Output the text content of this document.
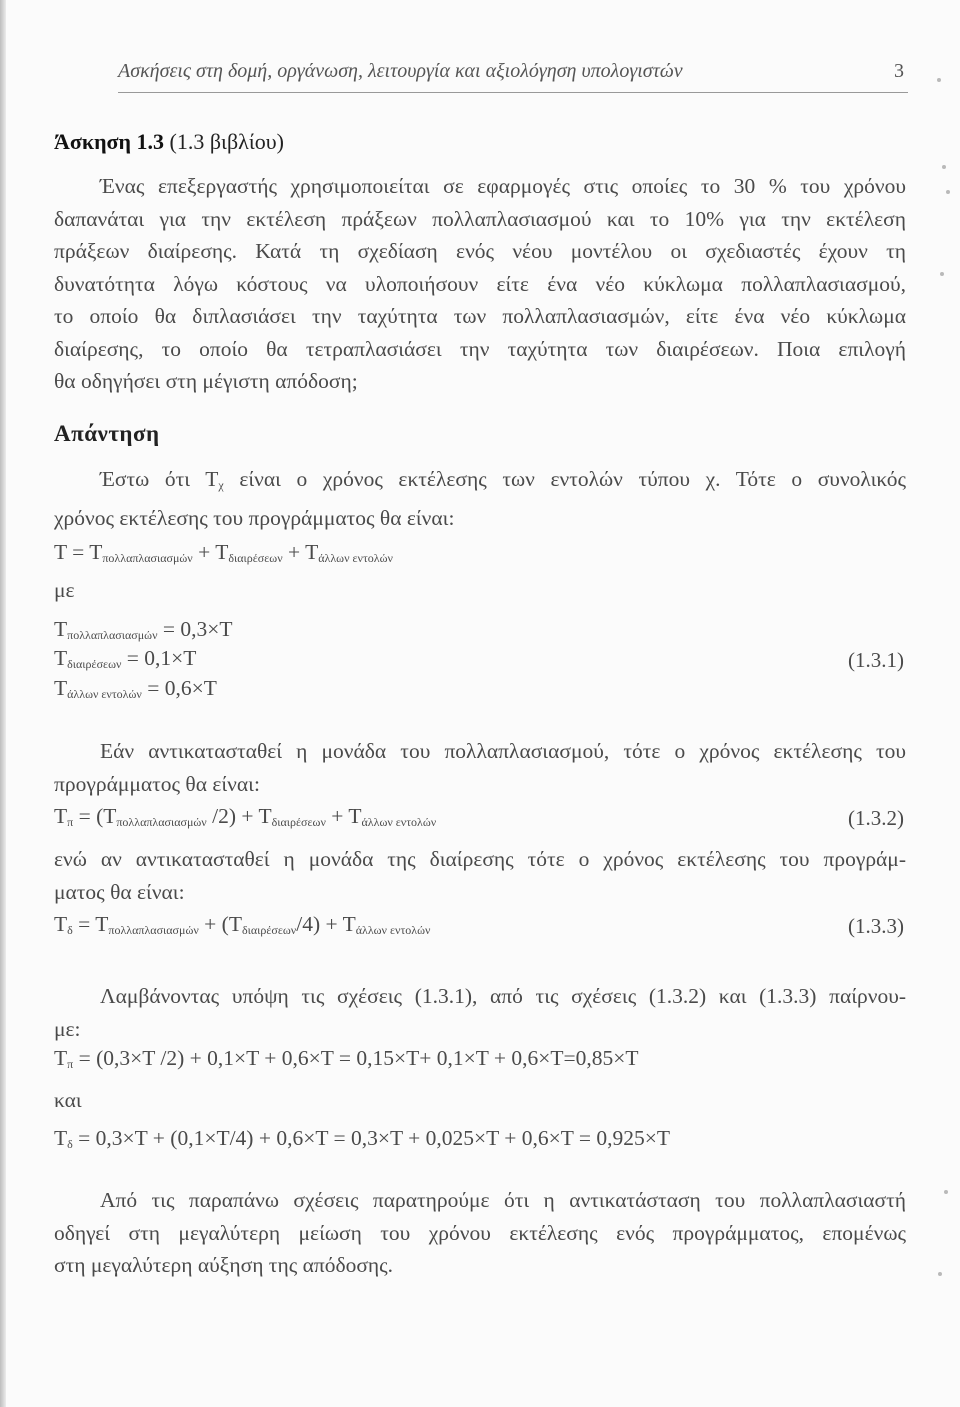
Ασκήσεις στη δομή, οργάνωση, λειτουργία και αξιολόγηση υπολογιστών	3
Άσκηση 1.3 (1.3 βιβλίου)
Ένας επεξεργαστής χρησιμοποιείται σε εφαρμογές στις οποίες το 30 % του χρόνου
δαπανάται για την εκτέλεση πράξεων πολλαπλασιασμού και το 10% για την εκτέλεση
πράξεων διαίρεσης. Κατά τη σχεδίαση ενός νέου μοντέλου οι σχεδιαστές έχουν τη
δυνατότητα λόγω κόστους να υλοποιήσουν είτε ένα νέο κύκλωμα πολλαπλασιασμού,
το οποίο θα διπλασιάσει την ταχύτητα των πολλαπλασιασμών, είτε ένα νέο κύκλωμα
διαίρεσης, το οποίο θα τετραπλασιάσει την ταχύτητα των διαιρέσεων. Ποια επιλογή
θα οδηγήσει στη μέγιστη απόδοση;
Απάντηση
Έστω ότι $T_\chi$ είναι ο χρόνος εκτέλεσης των εντολών τύπου χ. Τότε ο συνολικός
χρόνος εκτέλεσης του προγράμματος θα είναι:
$T = T_{\pi o\lambda\lambda\alpha\pi\lambda\alpha\sigma\iota\alpha\sigma\mu ώ\nu} + T_{\delta\iota\alpha\iota\rho έ\sigma\varepsilon\omega\nu} + T_{ά\lambda\lambda\omega\nu \varepsilon\nu\tau o\lambda ώ\nu}$
με
$T_{\pi o\lambda\lambda\alpha\pi\lambda\alpha\sigma\iota\alpha\sigma\mu ώ\nu} = 0,3\times T$
$T_{\delta\iota\alpha\iota\rho έ\sigma\varepsilon\omega\nu} = 0,1\times T$	(1.3.1)
$T_{ά\lambda\lambda\omega\nu \varepsilon\nu\tau o\lambda ώ\nu} = 0,6\times T$
Εάν αντικατασταθεί η μονάδα του πολλαπλασιασμού, τότε ο χρόνος εκτέλεσης του
προγράμματος θα είναι:
$T_\pi = (T_{\pi o\lambda\lambda\alpha\pi\lambda\alpha\sigma\iota\alpha\sigma\mu ώ\nu}$ $/2) + T_{\delta\iota\alpha\iota\rho έ\sigma\varepsilon\omega\nu} + T_{ά\lambda\lambda\omega\nu \varepsilon\nu\tau o\lambda ώ\nu}$	(1.3.2)
ενώ αν αντικατασταθεί η μονάδα της διαίρεσης τότε ο χρόνος εκτέλεσης του προγράμ-
ματος θα είναι:
$T_\delta = T_{\pi o\lambda\lambda\alpha\pi\lambda\alpha\sigma\iota\alpha\sigma\mu ώ\nu} + (T_{\delta\iota\alpha\iota\rho έ\sigma\varepsilon\omega\nu}/4) + T_{ά\lambda\lambda\omega\nu \varepsilon\nu\tau o\lambda ώ\nu}$	(1.3.3)
Λαμβάνοντας υπόψη τις σχέσεις (1.3.1), από τις σχέσεις (1.3.2) και (1.3.3) παίρνου-
με:
$T_\pi = (0,3\times T$ /2) + 0,1×Τ + 0,6×Τ = 0,15×Τ+ 0,1×Τ + 0,6×Τ=0,85×Τ
και
$T_\delta = 0,3\times T + (0,1\times T/4) + 0,6\times T = 0,3\times T + 0,025\times T + 0,6\times T = 0,925\times T$
Από τις παραπάνω σχέσεις παρατηρούμε ότι η αντικατάσταση του πολλαπλασιαστή
οδηγεί στη μεγαλύτερη μείωση του χρόνου εκτέλεσης ενός προγράμματος, επομένως
στη μεγαλύτερη αύξηση της απόδοσης.
